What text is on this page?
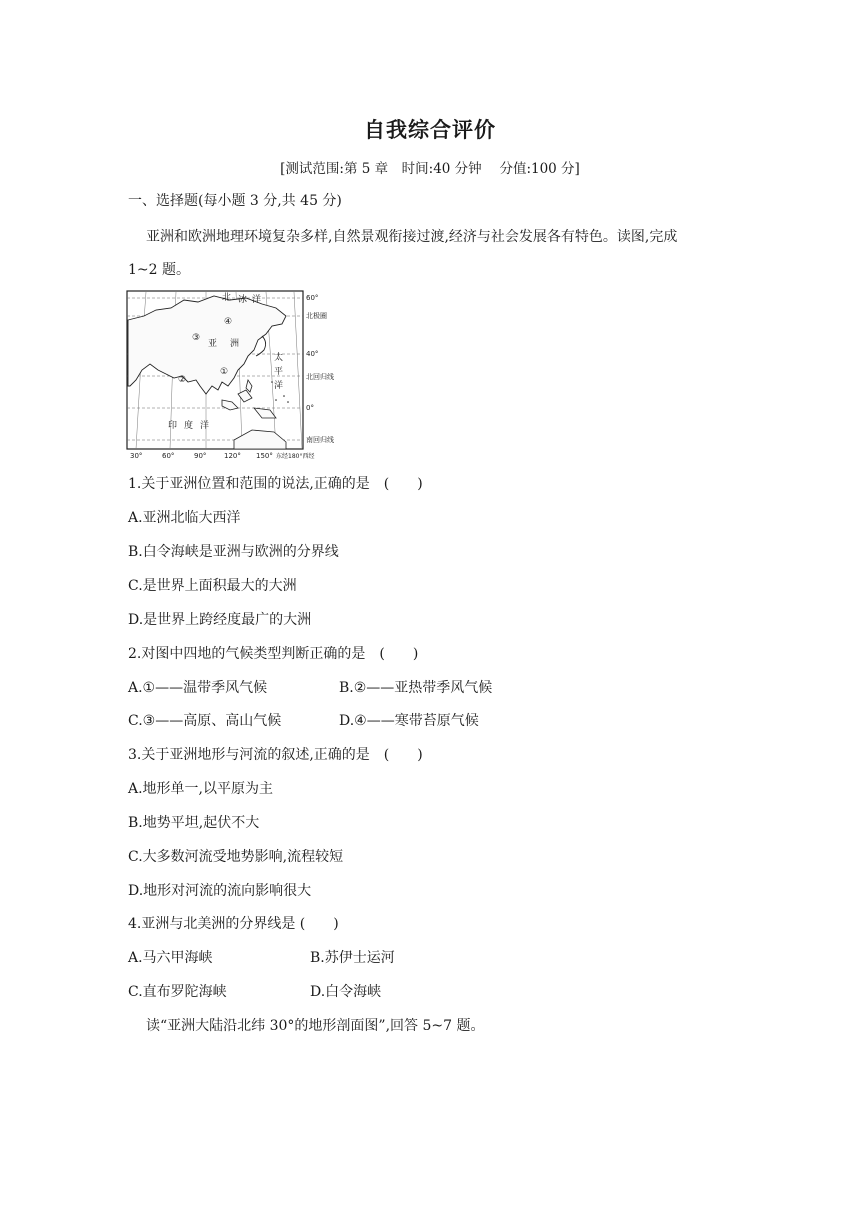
自我综合评价
[测试范围:第 5 章　时间:40 分钟　 分值:100 分]
一、选择题(每小题 3 分,共 45 分)
亚洲和欧洲地理环境复杂多样,自然景观衔接过渡,经济与社会发展各有特色。读图,完成
1~2 题。
北 冰 洋
亚 洲
太
平
洋
印 度 洋
④
③
②
①
60°
北极圈
40°
北回归线
0°
南回归线
30°	60°	90°	120° 150° 东经180°西经
1.关于亚洲位置和范围的说法,正确的是　(　　)
A.亚洲北临大西洋
B.白令海峡是亚洲与欧洲的分界线
C.是世界上面积最大的大洲
D.是世界上跨经度最广的大洲
2.对图中四地的气候类型判断正确的是　(　　)
A.①——温带季风气候	B.②——亚热带季风气候
C.③——高原、高山气候	D.④——寒带苔原气候
3.关于亚洲地形与河流的叙述,正确的是　(　　)
A.地形单一,以平原为主
B.地势平坦,起伏不大
C.大多数河流受地势影响,流程较短
D.地形对河流的流向影响很大
4.亚洲与北美洲的分界线是 (　　)
A.马六甲海峡	B.苏伊士运河
C.直布罗陀海峡	D.白令海峡
读“亚洲大陆沿北纬 30°的地形剖面图”,回答 5~7 题。
